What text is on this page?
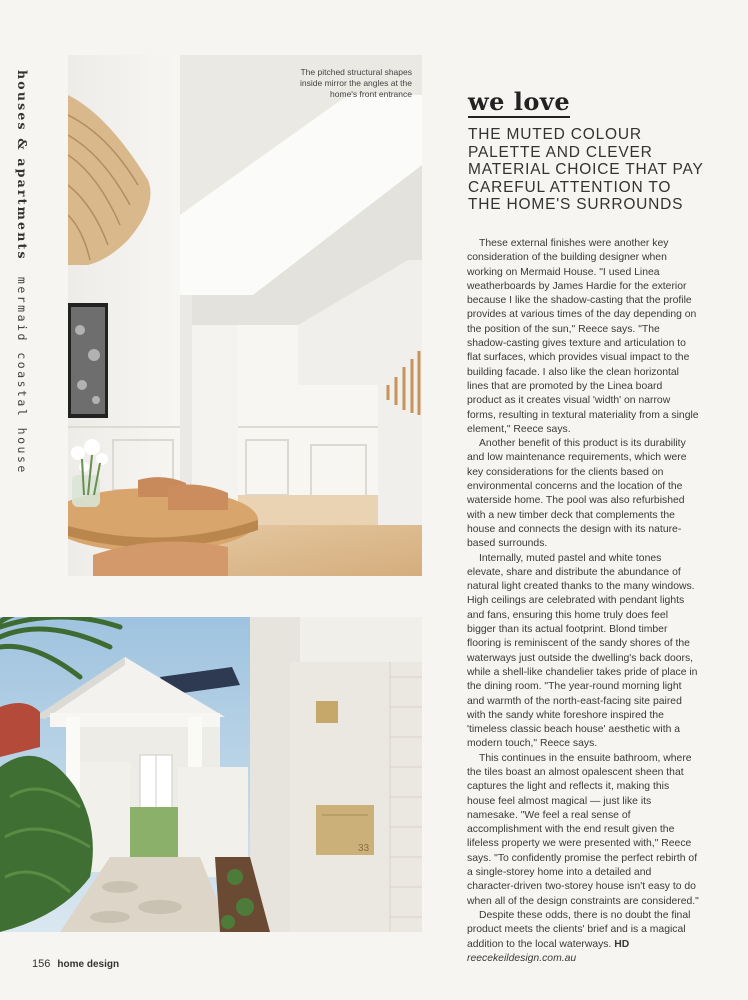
houses & apartments mermaid coastal house
The pitched structural shapes inside mirror the angles at the home's front entrance
33
we love
THE MUTED COLOUR PALETTE AND CLEVER MATERIAL CHOICE THAT PAY CAREFUL ATTENTION TO THE HOME'S SURROUNDS

These external finishes were another key consideration of the building designer when working on Mermaid House. "I used Linea weatherboards by James Hardie for the exterior because I like the shadow-casting that the profile provides at various times of the day depending on the position of the sun," Reece says. "The shadow-casting gives texture and articulation to flat surfaces, which provides visual impact to the building facade. I also like the clean horizontal lines that are promoted by the Linea board product as it creates visual 'width' on narrow forms, resulting in textural materiality from a single element," Reece says.

Another benefit of this product is its durability and low maintenance requirements, which were key considerations for the clients based on environmental concerns and the location of the waterside home. The pool was also refurbished with a new timber deck that complements the house and connects the design with its nature-based surrounds.

Internally, muted pastel and white tones elevate, share and distribute the abundance of natural light created thanks to the many windows. High ceilings are celebrated with pendant lights and fans, ensuring this home truly does feel bigger than its actual footprint. Blond timber flooring is reminiscent of the sandy shores of the waterways just outside the dwelling's back doors, while a shell-like chandelier takes pride of place in the dining room. "The year-round morning light and warmth of the north-east-facing site paired with the sandy white foreshore inspired the 'timeless classic beach house' aesthetic with a modern touch," Reece says.

This continues in the ensuite bathroom, where the tiles boast an almost opalescent sheen that captures the light and reflects it, making this house feel almost magical — just like its namesake. "We feel a real sense of accomplishment with the end result given the lifeless property we were presented with," Reece says. "To confidently promise the perfect rebirth of a single-storey home into a detailed and character-driven two-storey house isn't easy to do when all of the design constraints are considered."

Despite these odds, there is no doubt the final product meets the clients' brief and is a magical addition to the local waterways. HD

reecekeildesign.com.au

156 home design
